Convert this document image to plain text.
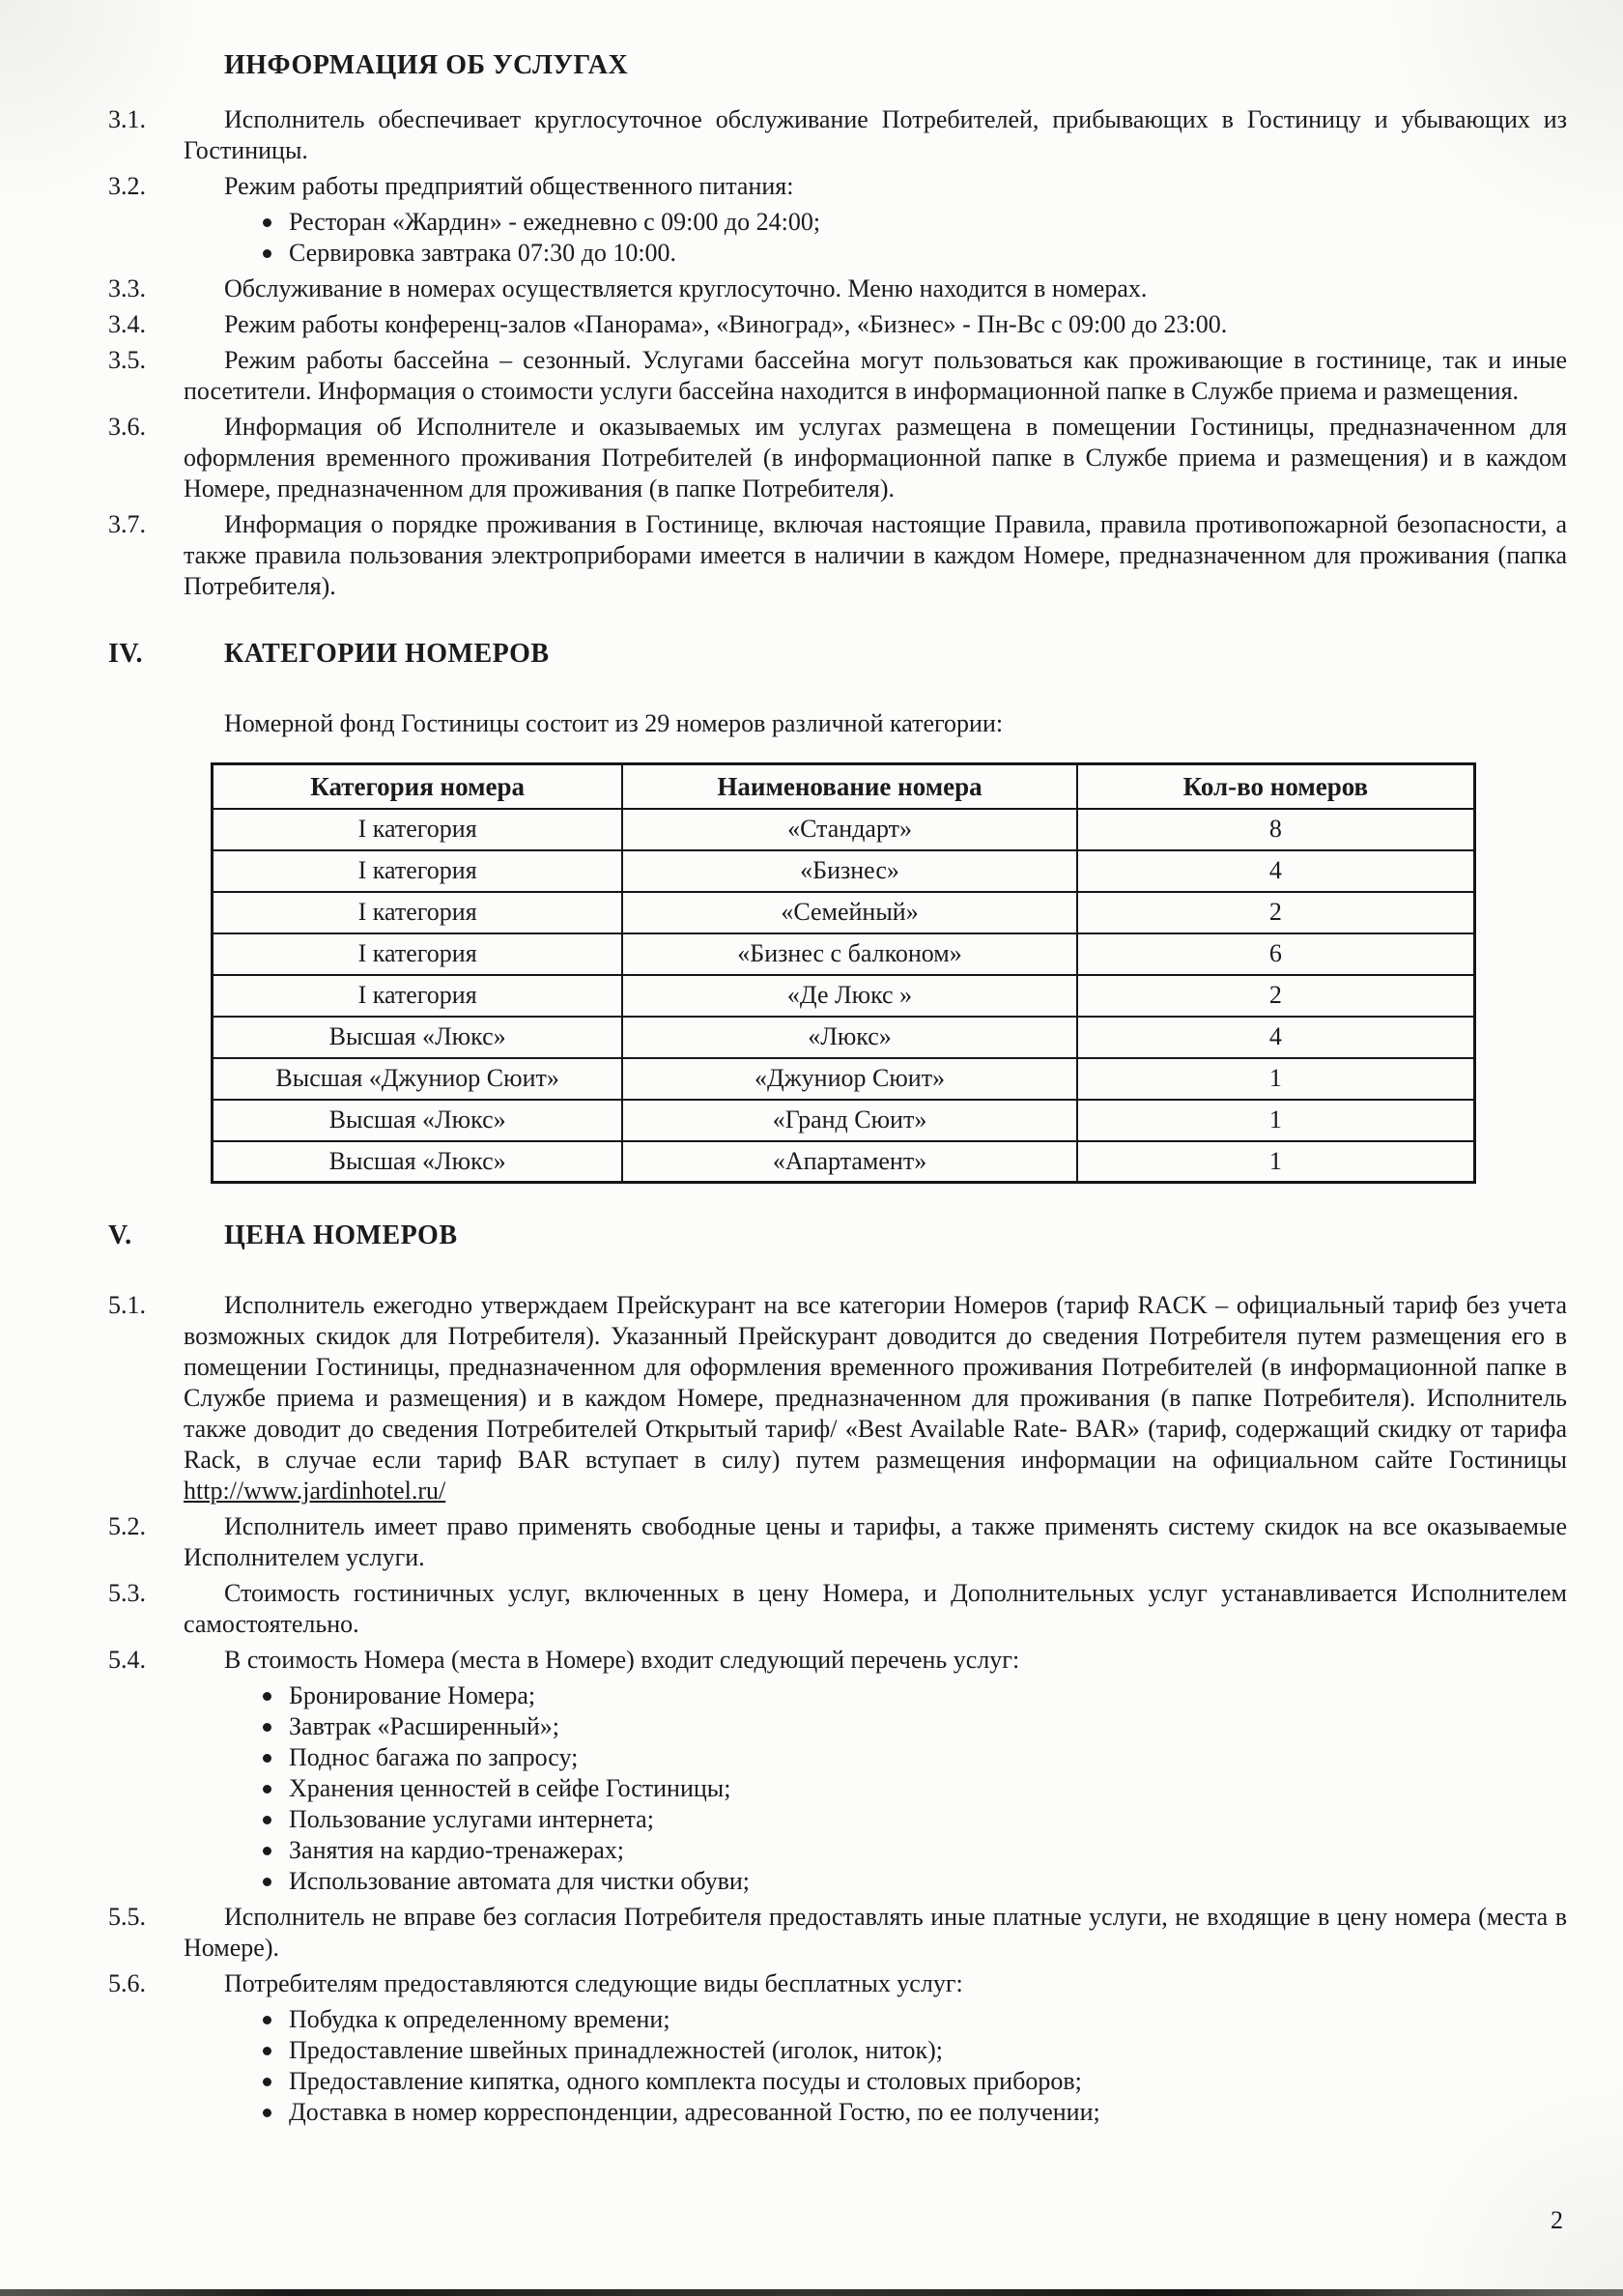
ИНФОРМАЦИЯ ОБ УСЛУГАХ
3.1.	Исполнитель обеспечивает круглосуточное обслуживание Потребителей, прибывающих в Гостиницу и убывающих из Гостиницы.

3.2.	Режим работы предприятий общественного питания:

Ресторан «Жардин» - ежедневно с 09:00 до 24:00;
Сервировка завтрака 07:30 до 10:00.
3.3.	Обслуживание в номерах осуществляется круглосуточно. Меню находится в номерах.

3.4.	Режим работы конференц-залов «Панорама», «Виноград», «Бизнес» - Пн-Вс с 09:00 до 23:00.

3.5.	Режим работы бассейна – сезонный. Услугами бассейна могут пользоваться как проживающие в гостинице, так и иные посетители. Информация о стоимости услуги бассейна находится в информационной папке в Службе приема и размещения.

3.6.	Информация об Исполнителе и оказываемых им услугах размещена в помещении Гостиницы, предназначенном для оформления временного проживания Потребителей (в информационной папке в Службе приема и размещения) и в каждом Номере, предназначенном для проживания (в папке Потребителя).

3.7.	Информация о порядке проживания в Гостинице, включая настоящие Правила, правила противопожарной безопасности, а также правила пользования электроприборами имеется в наличии в каждом Номере, предназначенном для проживания (папка Потребителя).

IV.	КАТЕГОРИИ НОМЕРОВ

Номерной фонд Гостиницы состоит из 29 номеров различной категории:

Категория номера	Наименование номера	Кол-во номеров
I категория	«Стандарт»	8
I категория	«Бизнес»	4
I категория	«Семейный»	2
I категория	«Бизнес с балконом»	6
I категория	«Де Люкс »	2
Высшая «Люкс»	«Люкс»	4
Высшая «Джуниор Сюит»	«Джуниор Сюит»	1
Высшая «Люкс»	«Гранд Сюит»	1
Высшая «Люкс»	«Апартамент»	1
V.	ЦЕНА НОМЕРОВ
5.1.	Исполнитель ежегодно утверждаем Прейскурант на все категории Номеров (тариф RACK – официальный тариф без учета возможных скидок для Потребителя). Указанный Прейскурант доводится до сведения Потребителя путем размещения его в помещении Гостиницы, предназначенном для оформления временного проживания Потребителей (в информационной папке в Службе приема и размещения) и в каждом Номере, предназначенном для проживания (в папке Потребителя). Исполнитель также доводит до сведения Потребителей Открытый тариф/ «Best Available Rate- BAR» (тариф, содержащий скидку от тарифа Rack, в случае если тариф BAR вступает в силу) путем размещения информации на официальном сайте Гостиницы http://www.jardinhotel.ru/

5.2.	Исполнитель имеет право применять свободные цены и тарифы, а также применять систему скидок на все оказываемые Исполнителем услуги.

5.3.	Стоимость гостиничных услуг, включенных в цену Номера, и Дополнительных услуг устанавливается Исполнителем самостоятельно.

5.4.	В стоимость Номера (места в Номере) входит следующий перечень услуг:

Бронирование Номера;
Завтрак «Расширенный»;
Поднос багажа по запросу;
Хранения ценностей в сейфе Гостиницы;
Пользование услугами интернета;
Занятия на кардио-тренажерах;
Использование автомата для чистки обуви;
5.5.	Исполнитель не вправе без согласия Потребителя предоставлять иные платные услуги, не входящие в цену номера (места в Номере).

5.6.	Потребителям предоставляются следующие виды бесплатных услуг:

Побудка к определенному времени;
Предоставление швейных принадлежностей (иголок, ниток);
Предоставление кипятка, одного комплекта посуды и столовых приборов;
Доставка в номер корреспонденции, адресованной Гостю, по ее получении;
2
